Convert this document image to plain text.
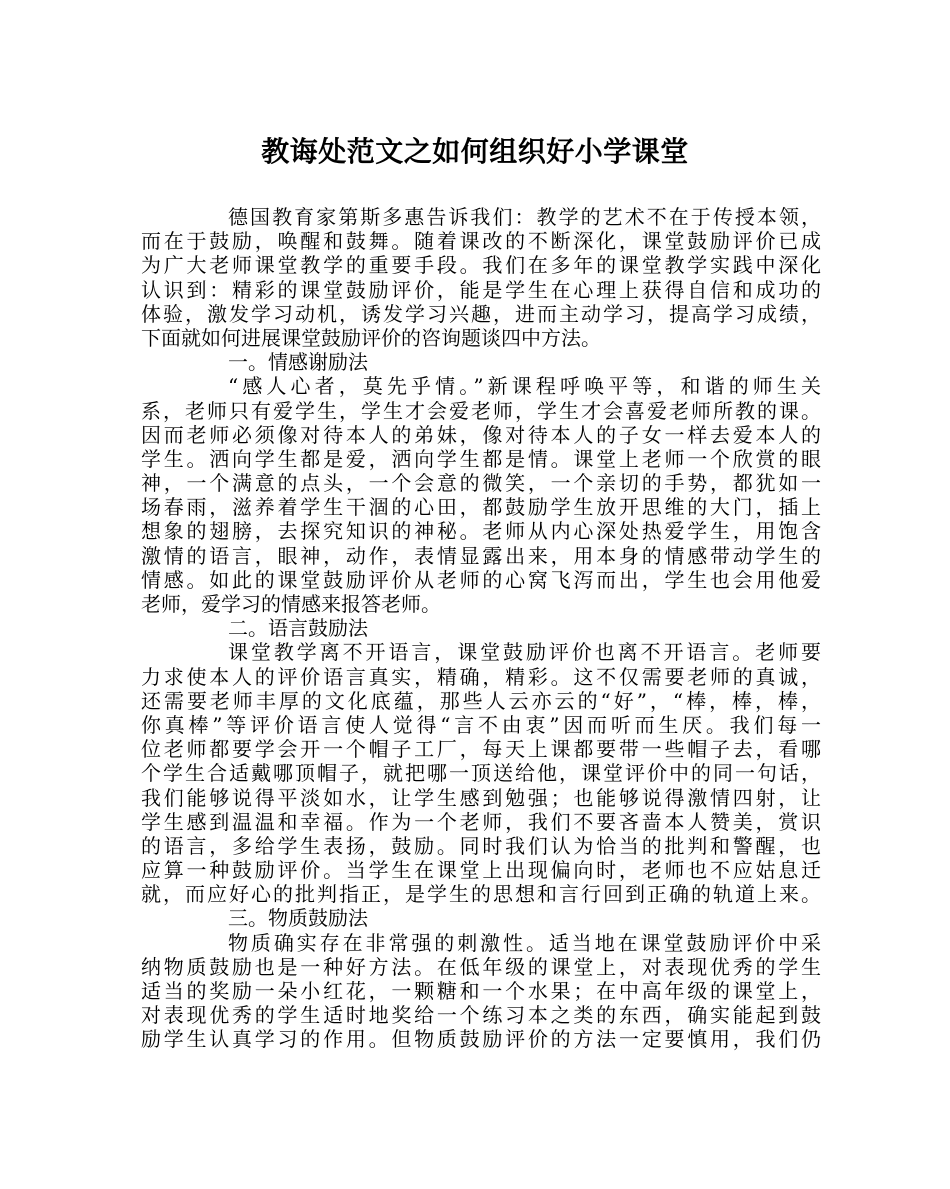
教诲处范文之如何组织好小学课堂
德国教育家第斯多惠告诉我们：教学的艺术不在于传授本领，
而在于鼓励，唤醒和鼓舞。随着课改的不断深化，课堂鼓励评价已成
为广大老师课堂教学的重要手段。我们在多年的课堂教学实践中深化
认识到：精彩的课堂鼓励评价，能是学生在心理上获得自信和成功的
体验，激发学习动机，诱发学习兴趣，进而主动学习，提高学习成绩，
下面就如何进展课堂鼓励评价的咨询题谈四中方法。
一。情感谢励法
“感人心者，莫先乎情。”新课程呼唤平等，和谐的师生关
系，老师只有爱学生，学生才会爱老师，学生才会喜爱老师所教的课。
因而老师必须像对待本人的弟妹，像对待本人的子女一样去爱本人的
学生。洒向学生都是爱，洒向学生都是情。课堂上老师一个欣赏的眼
神，一个满意的点头，一个会意的微笑，一个亲切的手势，都犹如一
场春雨，滋养着学生干涸的心田，都鼓励学生放开思维的大门，插上
想象的翅膀，去探究知识的神秘。老师从内心深处热爱学生，用饱含
激情的语言，眼神，动作，表情显露出来，用本身的情感带动学生的
情感。如此的课堂鼓励评价从老师的心窝飞泻而出，学生也会用他爱
老师，爱学习的情感来报答老师。
二。语言鼓励法
课堂教学离不开语言，课堂鼓励评价也离不开语言。老师要
力求使本人的评价语言真实，精确，精彩。这不仅需要老师的真诚，
还需要老师丰厚的文化底蕴，那些人云亦云的“好”，“棒，棒，棒，
你真棒”等评价语言使人觉得“言不由衷”因而听而生厌。我们每一
位老师都要学会开一个帽子工厂，每天上课都要带一些帽子去，看哪
个学生合适戴哪顶帽子，就把哪一顶送给他，课堂评价中的同一句话，
我们能够说得平淡如水，让学生感到勉强；也能够说得激情四射，让
学生感到温温和幸福。作为一个老师，我们不要吝啬本人赞美，赏识
的语言，多给学生表扬，鼓励。同时我们认为恰当的批判和警醒，也
应算一种鼓励评价。当学生在课堂上出现偏向时，老师也不应姑息迁
就，而应好心的批判指正，是学生的思想和言行回到正确的轨道上来。
三。物质鼓励法
物质确实存在非常强的刺激性。适当地在课堂鼓励评价中采
纳物质鼓励也是一种好方法。在低年级的课堂上，对表现优秀的学生
适当的奖励一朵小红花，一颗糖和一个水果；在中高年级的课堂上，
对表现优秀的学生适时地奖给一个练习本之类的东西，确实能起到鼓
励学生认真学习的作用。但物质鼓励评价的方法一定要慎用，我们仍
